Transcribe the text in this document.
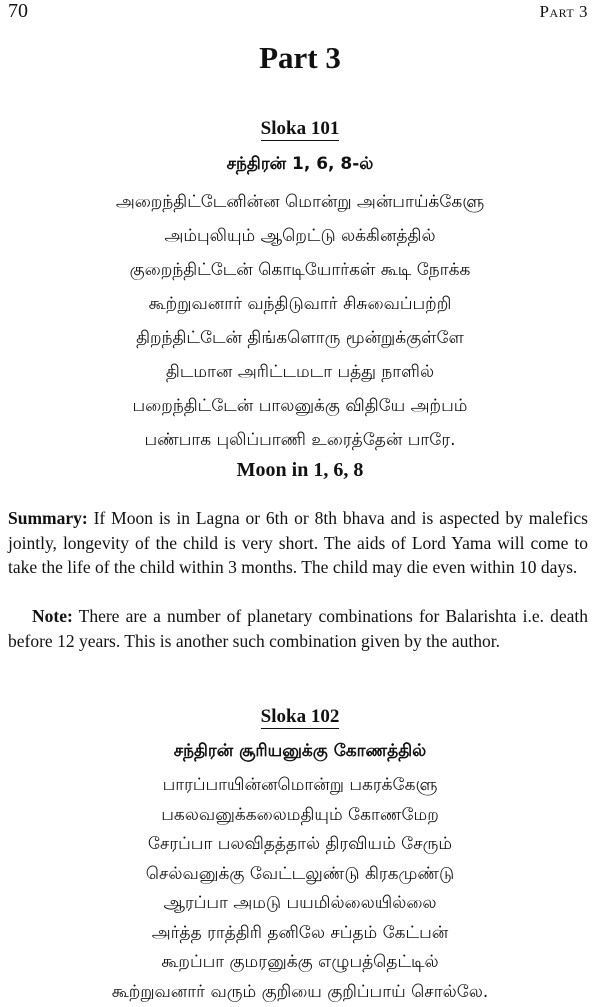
70	Part 3
Part 3
Sloka 101
சந்திரன் 1, 6, 8-ல்
அறைந்திட்டேனின்ன மொன்று அன்பாய்க்கேளு
அம்புலியும் ஆறெட்டு லக்கினத்தில்
குறைந்திட்டேன் கொடியோர்கள் கூடி நோக்க
கூற்றுவனார் வந்திடுவார் சிசுவைப்பற்றி
திறந்திட்டேன் திங்களொரு மூன்றுக்குள்ளே
திடமான அரிட்டமடா பத்து நாளில்
பறைந்திட்டேன் பாலனுக்கு விதியே அற்பம்
பண்பாக புலிப்பாணி உரைத்தேன் பாரே.
Moon in 1, 6, 8
Summary: If Moon is in Lagna or 6th or 8th bhava and is aspected by malefics jointly, longevity of the child is very short. The aids of Lord Yama will come to take the life of the child within 3 months. The child may die even within 10 days.
Note: There are a number of planetary combinations for Balarishta i.e. death before 12 years. This is another such combination given by the author.
Sloka 102
சந்திரன் சூரியனுக்கு கோணத்தில்
பாரப்பாயின்னமொன்று பகரக்கேளு
பகலவனுக்கலைமதியும் கோணமேற
சேரப்பா பலவிதத்தால் திரவியம் சேரும்
செல்வனுக்கு வேட்டலுண்டு கிரகமுண்டு
ஆரப்பா அமடு பயமில்லையில்லை
அர்த்த ராத்திரி தனிலே சப்தம் கேட்பன்
கூறப்பா குமரனுக்கு எழுபத்தெட்டில்
கூற்றுவனார் வரும் குறியை குறிப்பாய் சொல்லே.
